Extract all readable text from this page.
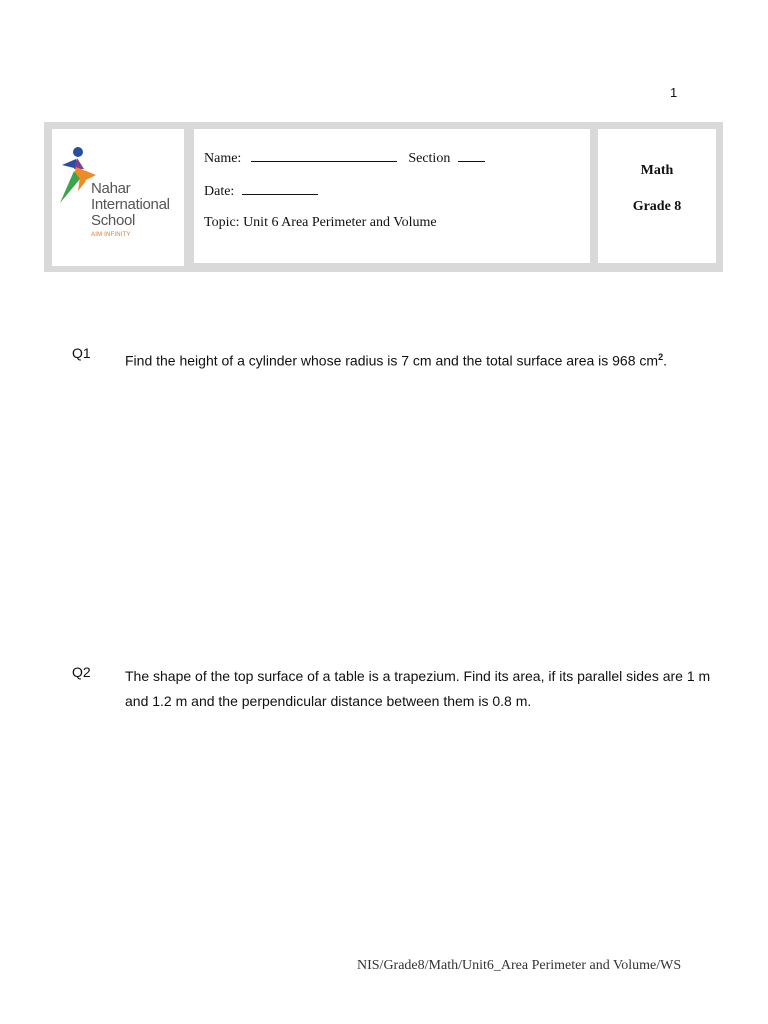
1
Nahar
International
School
AIM INFINITY
Name:	Section
Date:
Topic: Unit 6 Area Perimeter and Volume
Math
Grade 8
Q1 Find the height of a cylinder whose radius is 7 cm and the total surface area is 968 $cm^2$.
Q2 The shape of the top surface of a table is a trapezium. Find its area, if its parallel sides are 1 m and 1.2 m and the perpendicular distance between them is 0.8 m.
NIS/Grade8/Math/Unit6_Area Perimeter and Volume/WS
